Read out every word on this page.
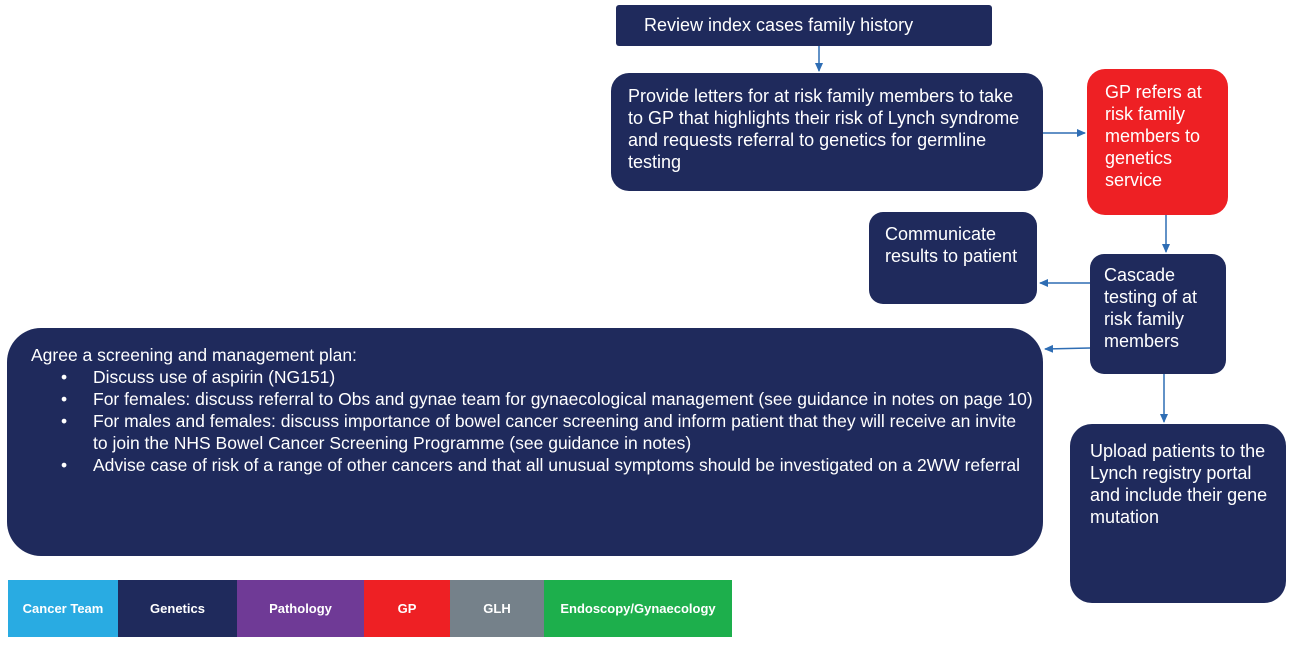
Review index cases family history
Provide letters for at risk family members to take to GP that highlights their risk of Lynch syndrome and requests referral to genetics for germline testing
GP refers at risk family members to genetics service
Communicate results to patient
Cascade testing of at risk family members
Agree a screening and management plan:
• Discuss use of aspirin (NG151)
• For females: discuss referral to Obs and gynae team for gynaecological management (see guidance in notes on page 10)
• For males and females: discuss importance of bowel cancer screening and inform patient that they will receive an invite to join the NHS Bowel Cancer Screening Programme (see guidance in notes)
• Advise case of risk of a range of other cancers and that all unusual symptoms should be investigated on a 2WW referral
Upload patients to the Lynch registry portal and include their gene mutation
Cancer Team	Genetics	Pathology	GP	GLH	Endoscopy/Gynaecology
